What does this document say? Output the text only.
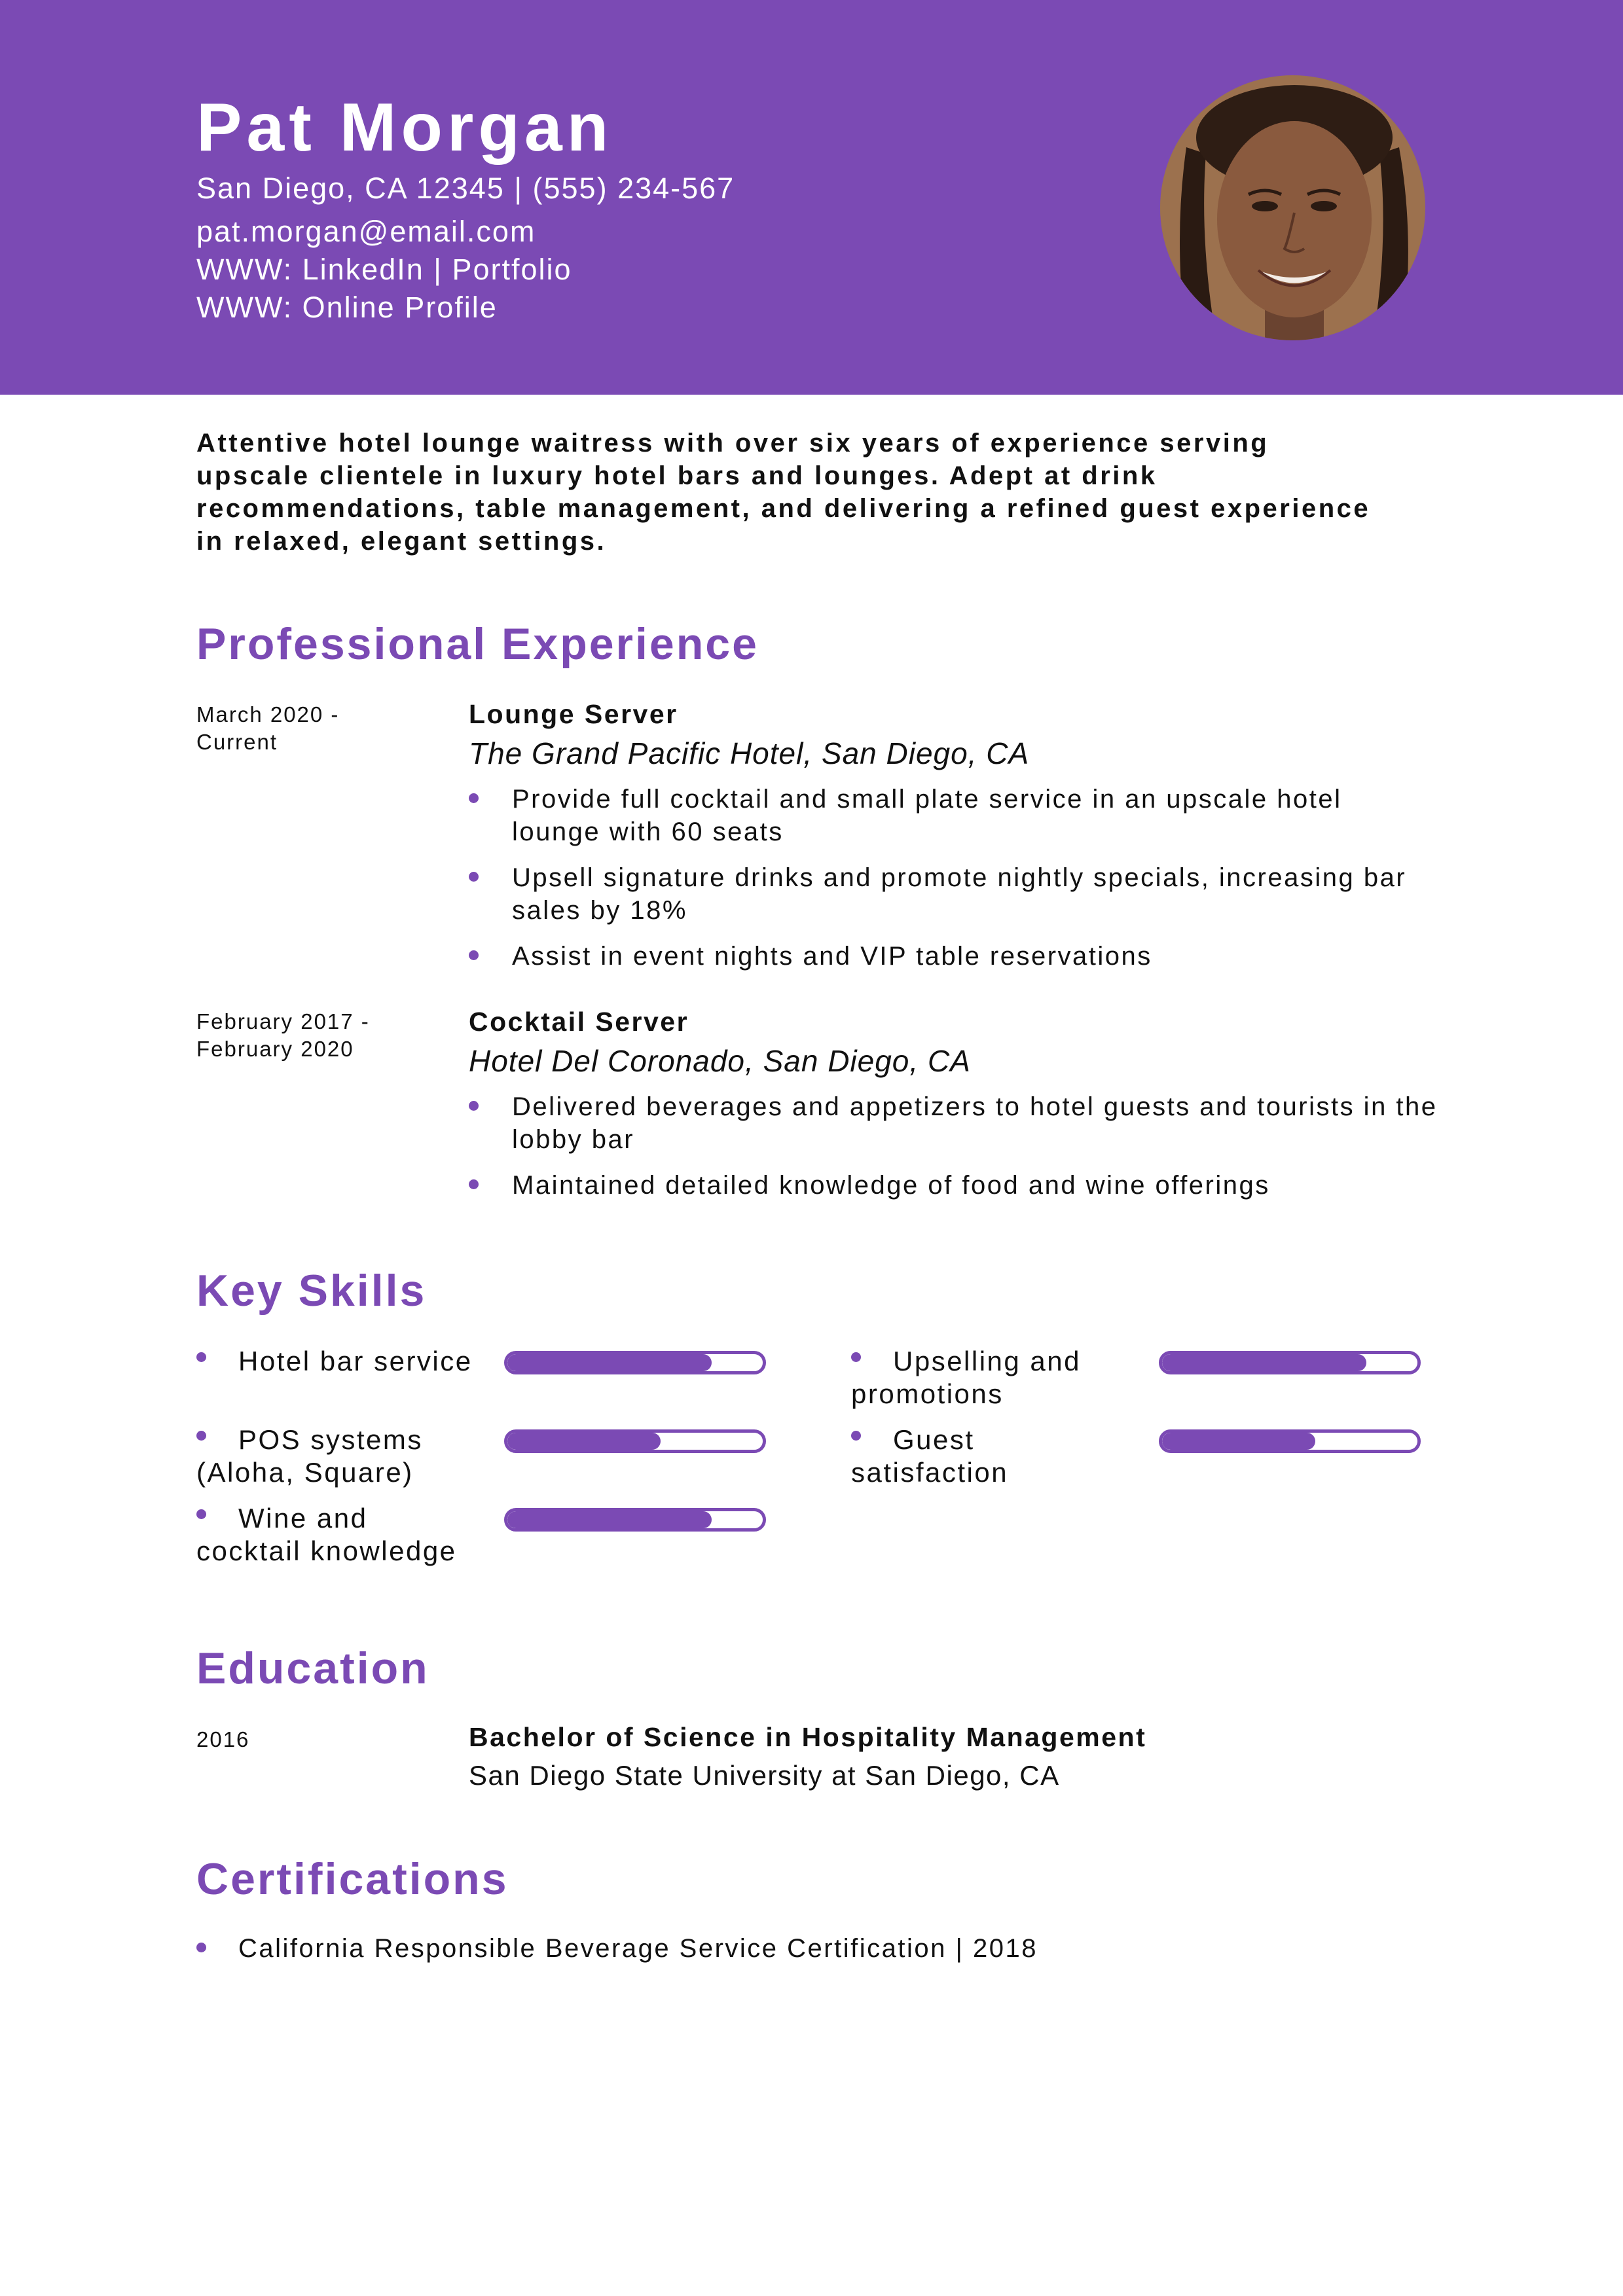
Pat Morgan
San Diego, CA 12345 | (555) 234-567
pat.morgan@email.com
WWW: LinkedIn | Portfolio
WWW: Online Profile
Attentive hotel lounge waitress with over six years of experience serving upscale clientele in luxury hotel bars and lounges. Adept at drink recommendations, table management, and delivering a refined guest experience in relaxed, elegant settings.
Professional Experience
March 2020 - Current
Lounge Server
The Grand Pacific Hotel, San Diego, CA
Provide full cocktail and small plate service in an upscale hotel lounge with 60 seats
Upsell signature drinks and promote nightly specials, increasing bar sales by 18%
Assist in event nights and VIP table reservations
February 2017 - February 2020
Cocktail Server
Hotel Del Coronado, San Diego, CA
Delivered beverages and appetizers to hotel guests and tourists in the lobby bar
Maintained detailed knowledge of food and wine offerings
Key Skills
Hotel bar service	Upselling and promotions
POS systems (Aloha, Square)
Guest satisfaction
Wine and cocktail knowledge
Education
2016	Bachelor of Science in Hospitality Management
San Diego State University at San Diego, CA
Certifications
California Responsible Beverage Service Certification | 2018
